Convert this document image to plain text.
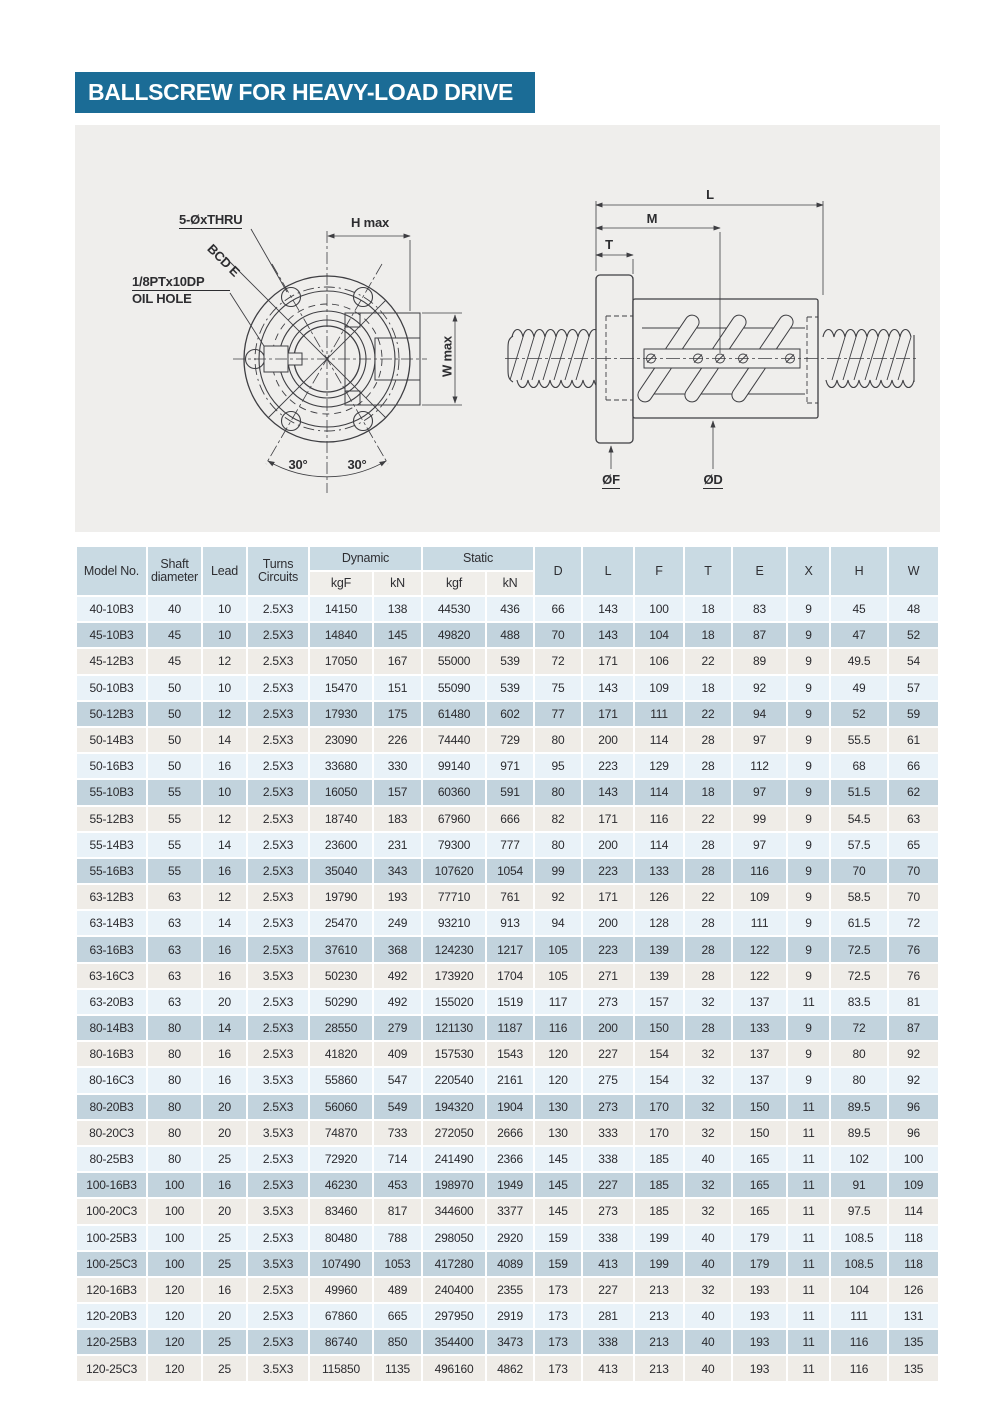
BALLSCREW FOR HEAVY-LOAD DRIVE
5-ØxTHRU
BCD E
1/8PTx10DP
OIL HOLE
H max
W max
30°	30°
L
M
T
ØF	ØD
Model No.	Shaft diameter	Lead	Turns Circuits	Dynamic		Static		D	L	F	T	E	X	H	W
				kgF	kN	kgf	kN								
40-10B3	40	10	2.5X3	14150	138	44530	436	66	143	100	18	83	9	45	48
45-10B3	45	10	2.5X3	14840	145	49820	488	70	143	104	18	87	9	47	52
45-12B3	45	12	2.5X3	17050	167	55000	539	72	171	106	22	89	9	49.5	54
50-10B3	50	10	2.5X3	15470	151	55090	539	75	143	109	18	92	9	49	57
50-12B3	50	12	2.5X3	17930	175	61480	602	77	171	111	22	94	9	52	59
50-14B3	50	14	2.5X3	23090	226	74440	729	80	200	114	28	97	9	55.5	61
50-16B3	50	16	2.5X3	33680	330	99140	971	95	223	129	28	112	9	68	66
55-10B3	55	10	2.5X3	16050	157	60360	591	80	143	114	18	97	9	51.5	62
55-12B3	55	12	2.5X3	18740	183	67960	666	82	171	116	22	99	9	54.5	63
55-14B3	55	14	2.5X3	23600	231	79300	777	80	200	114	28	97	9	57.5	65
55-16B3	55	16	2.5X3	35040	343	107620	1054	99	223	133	28	116	9	70	70
63-12B3	63	12	2.5X3	19790	193	77710	761	92	171	126	22	109	9	58.5	70
63-14B3	63	14	2.5X3	25470	249	93210	913	94	200	128	28	111	9	61.5	72
63-16B3	63	16	2.5X3	37610	368	124230	1217	105	223	139	28	122	9	72.5	76
63-16C3	63	16	3.5X3	50230	492	173920	1704	105	271	139	28	122	9	72.5	76
63-20B3	63	20	2.5X3	50290	492	155020	1519	117	273	157	32	137	11	83.5	81
80-14B3	80	14	2.5X3	28550	279	121130	1187	116	200	150	28	133	9	72	87
80-16B3	80	16	2.5X3	41820	409	157530	1543	120	227	154	32	137	9	80	92
80-16C3	80	16	3.5X3	55860	547	220540	2161	120	275	154	32	137	9	80	92
80-20B3	80	20	2.5X3	56060	549	194320	1904	130	273	170	32	150	11	89.5	96
80-20C3	80	20	3.5X3	74870	733	272050	2666	130	333	170	32	150	11	89.5	96
80-25B3	80	25	2.5X3	72920	714	241490	2366	145	338	185	40	165	11	102	100
100-16B3	100	16	2.5X3	46230	453	198970	1949	145	227	185	32	165	11	91	109
100-20C3	100	20	3.5X3	83460	817	344600	3377	145	273	185	32	165	11	97.5	114
100-25B3	100	25	2.5X3	80480	788	298050	2920	159	338	199	40	179	11	108.5	118
100-25C3	100	25	3.5X3	107490	1053	417280	4089	159	413	199	40	179	11	108.5	118
120-16B3	120	16	2.5X3	49960	489	240400	2355	173	227	213	32	193	11	104	126
120-20B3	120	20	2.5X3	67860	665	297950	2919	173	281	213	40	193	11	111	131
120-25B3	120	25	2.5X3	86740	850	354400	3473	173	338	213	40	193	11	116	135
120-25C3	120	25	3.5X3	115850	1135	496160	4862	173	413	213	40	193	11	116	135
